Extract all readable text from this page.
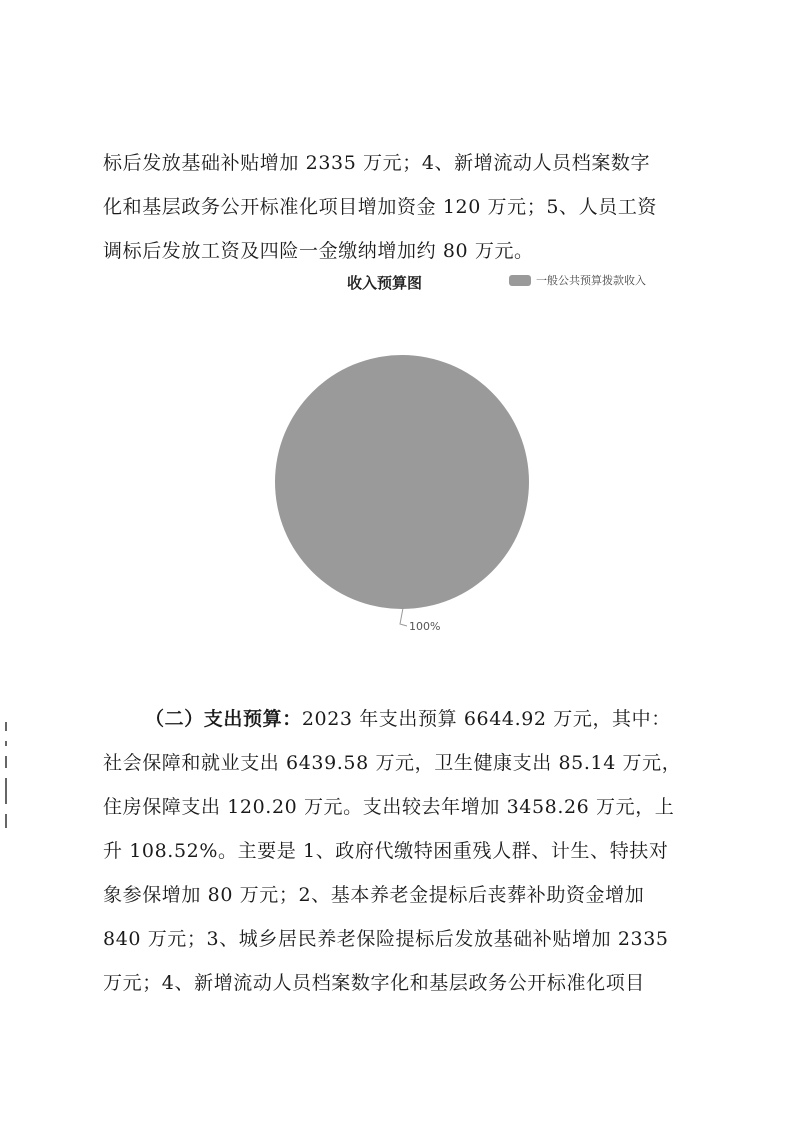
标后发放基础补贴增加 2335 万元；4、新增流动人员档案数字

化和基层政务公开标准化项目增加资金 120 万元；5、人员工资

调标后发放工资及四险一金缴纳增加约 80 万元。

收入预算图	一般公共预算拨款收入
100%

（二）支出预算：2023 年支出预算 6644.92 万元，其中：

社会保障和就业支出 6439.58 万元，卫生健康支出 85.14 万元，

住房保障支出 120.20 万元。支出较去年增加 3458.26 万元，上

升 108.52%。主要是 1、政府代缴特困重残人群、计生、特扶对

象参保增加 80 万元；2、基本养老金提标后丧葬补助资金增加

840 万元；3、城乡居民养老保险提标后发放基础补贴增加 2335

万元；4、新增流动人员档案数字化和基层政务公开标准化项目
